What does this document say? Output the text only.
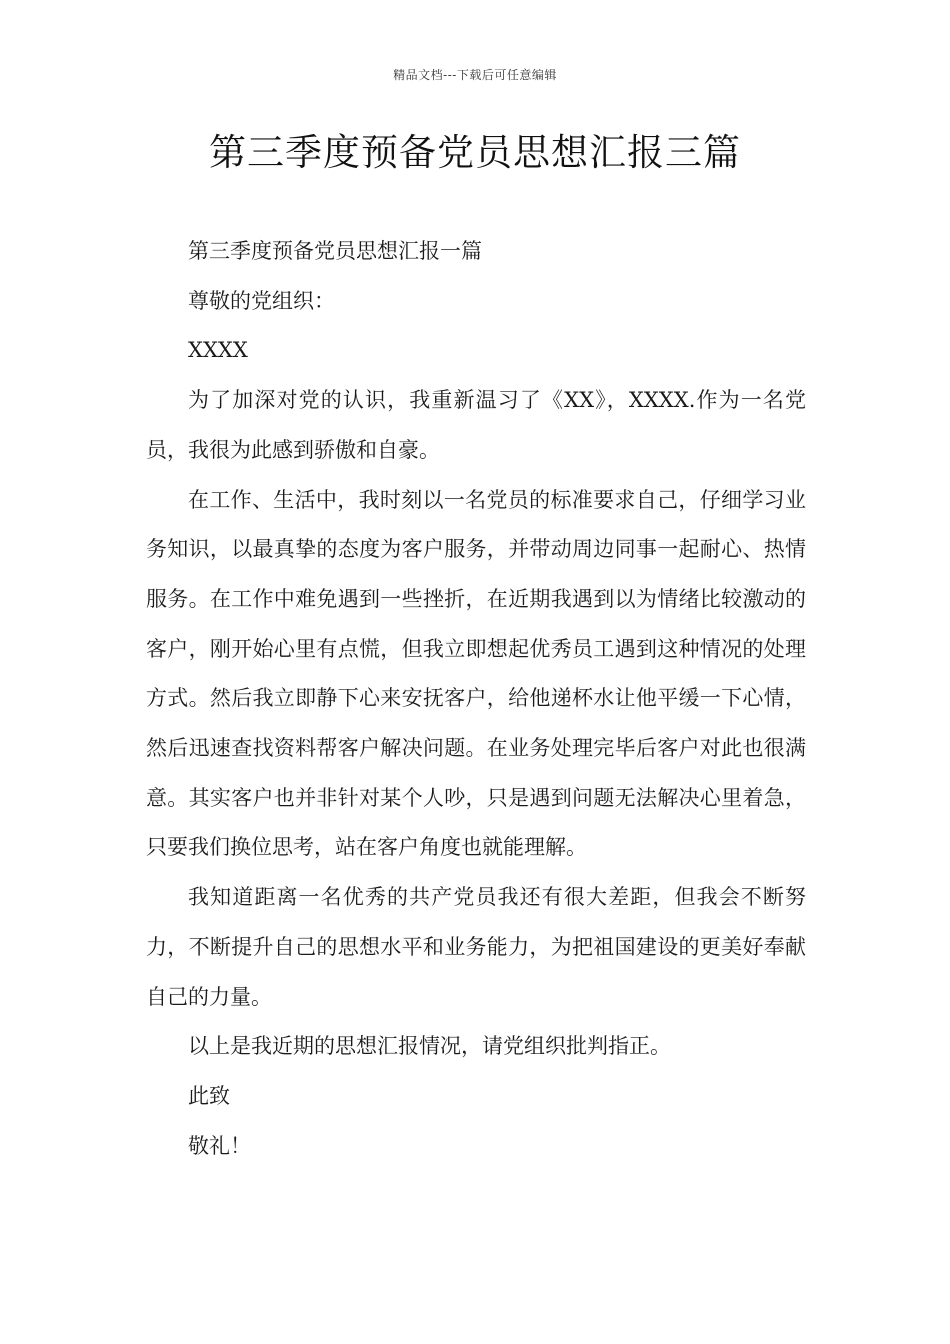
精品文档---下载后可任意编辑
第三季度预备党员思想汇报三篇

第三季度预备党员思想汇报一篇

尊敬的党组织：

XXXX

为了加深对党的认识，我重新温习了《XX》，XXXX.作为一名党员，我很为此感到骄傲和自豪。

在工作、生活中，我时刻以一名党员的标准要求自己，仔细学习业务知识，以最真挚的态度为客户服务，并带动周边同事一起耐心、热情服务。在工作中难免遇到一些挫折，在近期我遇到以为情绪比较激动的客户，刚开始心里有点慌，但我立即想起优秀员工遇到这种情况的处理方式。然后我立即静下心来安抚客户，给他递杯水让他平缓一下心情，然后迅速查找资料帮客户解决问题。在业务处理完毕后客户对此也很满意。其实客户也并非针对某个人吵，只是遇到问题无法解决心里着急，只要我们换位思考，站在客户角度也就能理解。

我知道距离一名优秀的共产党员我还有很大差距，但我会不断努力，不断提升自己的思想水平和业务能力，为把祖国建设的更美好奉献自己的力量。

以上是我近期的思想汇报情况，请党组织批判指正。

此致

敬礼！
